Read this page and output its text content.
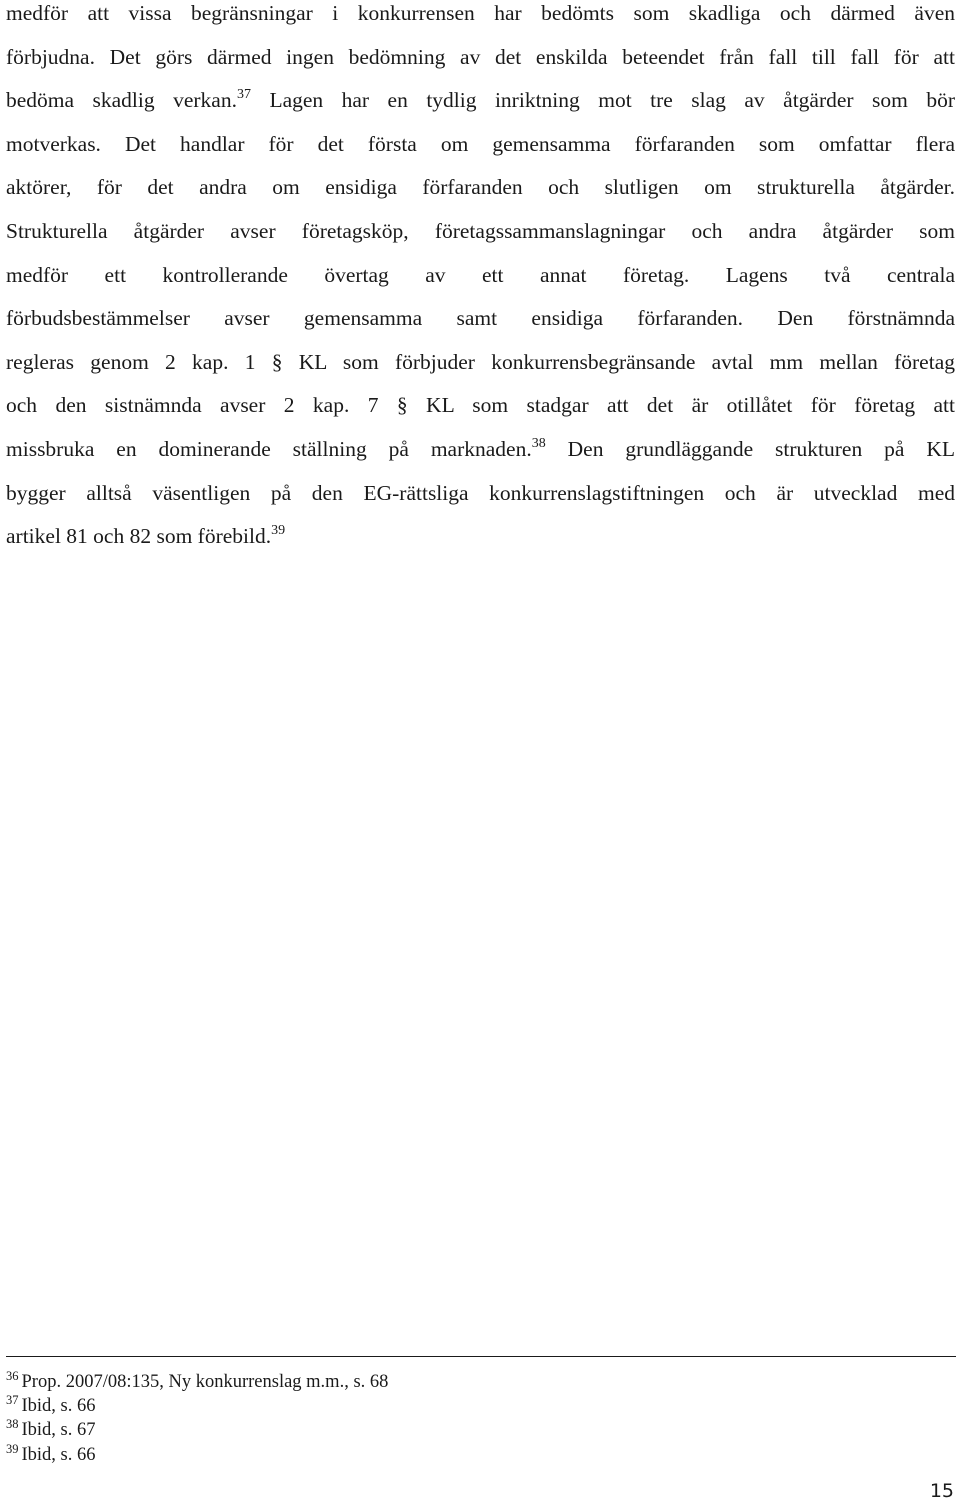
medför att vissa begränsningar i konkurrensen har bedömts som skadliga och därmed även
förbjudna. Det görs därmed ingen bedömning av det enskilda beteendet från fall till fall för att
bedöma skadlig verkan.$^{37}$ Lagen har en tydlig inriktning mot tre slag av åtgärder som bör
motverkas. Det handlar för det första om gemensamma förfaranden som omfattar flera
aktörer, för det andra om ensidiga förfaranden och slutligen om strukturella åtgärder.
Strukturella åtgärder avser företagsköp, företagssammanslagningar och andra åtgärder som
medför ett kontrollerande övertag av ett annat företag. Lagens två centrala
förbudsbestämmelser avser gemensamma samt ensidiga förfaranden. Den förstnämnda
regleras genom 2 kap. 1 § KL som förbjuder konkurrensbegränsande avtal mm mellan företag
och den sistnämnda avser 2 kap. 7 § KL som stadgar att det är otillåtet för företag att
missbruka en dominerande ställning på marknaden.$^{38}$ Den grundläggande strukturen på KL
bygger alltså väsentligen på den EG-rättsliga konkurrenslagstiftningen och är utvecklad med
artikel 81 och 82 som förebild.$^{39}$
$^{36}$ Prop. 2007/08:135, Ny konkurrenslag m.m., s. 68
$^{37}$ Ibid, s. 66
$^{38}$ Ibid, s. 67
$^{39}$ Ibid, s. 66
15
